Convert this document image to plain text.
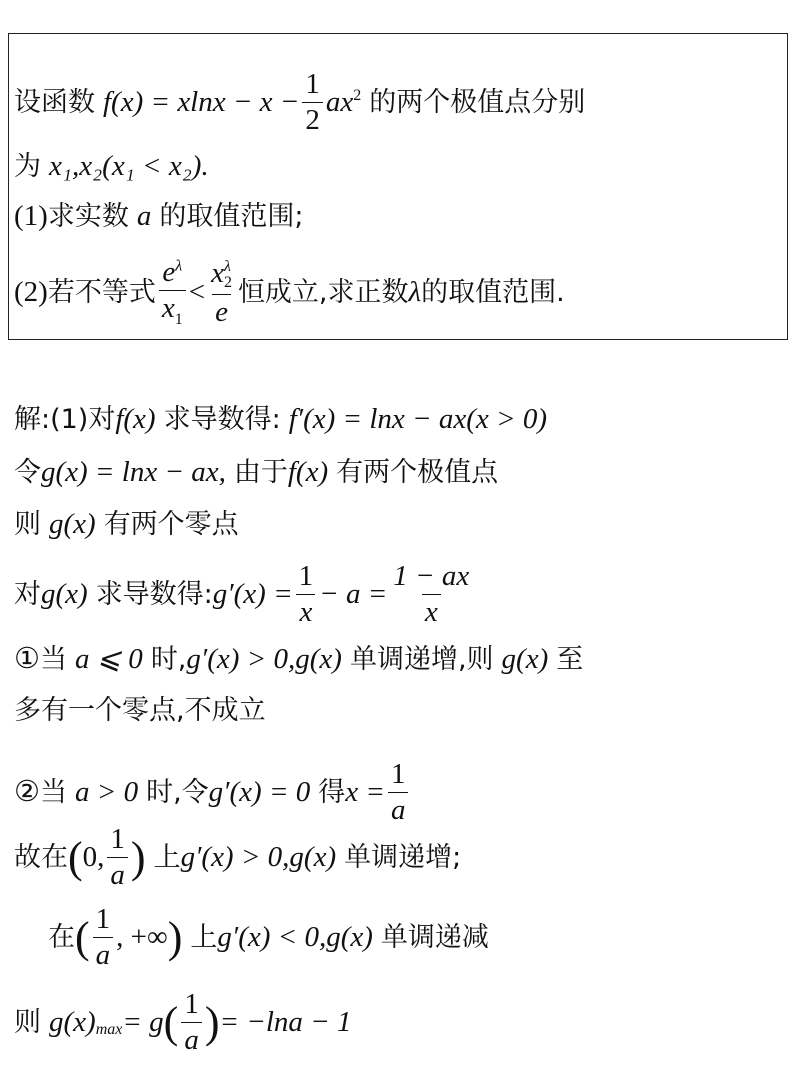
设函数 $f(x) = xlnx - x - \frac{1}{2} ax^2$ 的两个极值点分别
为 x₁,x₂(x₁ < x₂).
(1) 求实数 a 的取值范围;
(2) 若不等式 $\frac{e^\lambda}{x_1} < x$ λ
2
e 恒成立,求正数 λ 的取值范围.
解:(1)对 f(x) 求导数得: f′(x) = lnx − ax(x > 0)
令 g(x) = lnx − ax, 由于 f(x) 有两个极值点
则 g(x) 有两个零点
对 g(x) 求导数得: $g'(x) = \frac{1}{x} - a = \frac{1 - ax}{x}$
① 当 a ⩽ 0 时, g′(x) > 0,g(x) 单调递增,则 g(x) 至
多有一个零点,不成立
② 当 a > 0 时,令 g′(x) = 0 得 $x = \frac{1}{a}$
故在 ( 0, $\frac{1}{a}$ ) 上 g′(x) > 0,g(x) 单调递增;
在 ( $\frac{1}{a}$ , +∞ ) 上 g′(x) < 0,g(x) 单调递减
则 $g(x)_{max} = g$ ( $\frac{1}{a}$ ) = −lna − 1
